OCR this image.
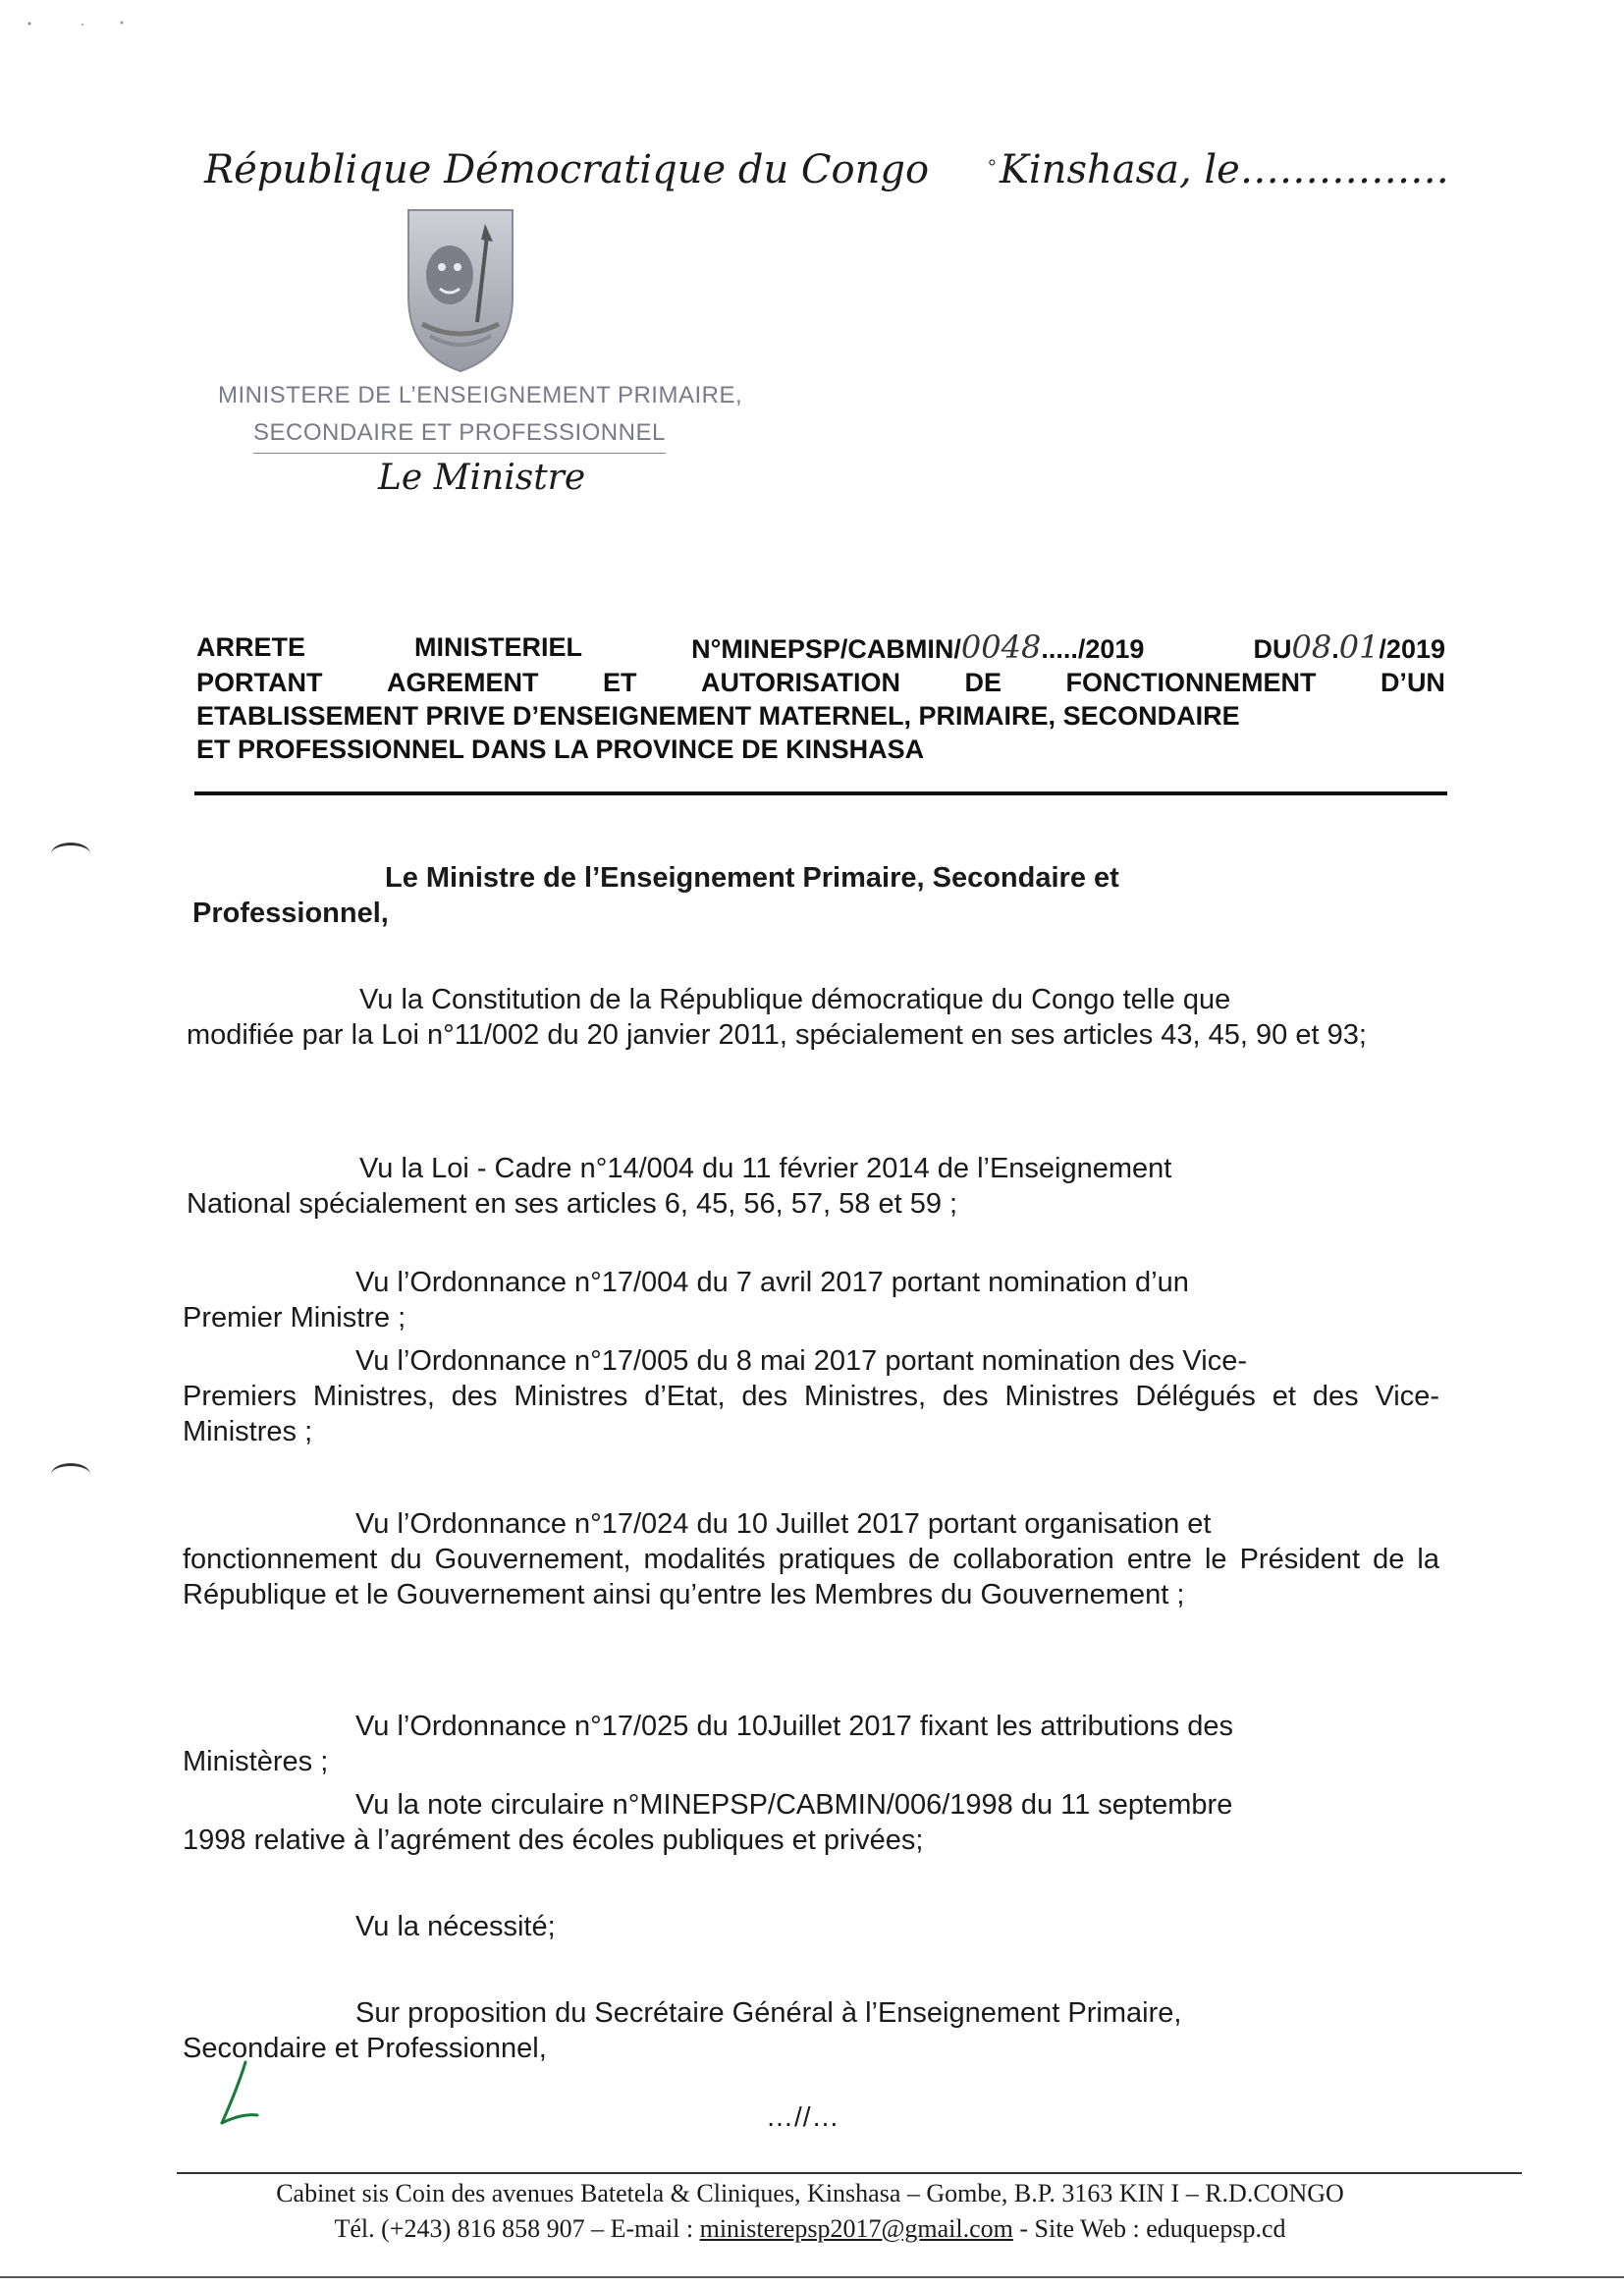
République Démocratique du Congo	° Kinshasa, le…………….
MINISTERE DE L’ENSEIGNEMENT PRIMAIRE,
SECONDAIRE ET PROFESSIONNEL
Le Ministre
ARRETE	MINISTERIEL	N°MINEPSP/CABMIN/0048...../2019	DU08.01/2019
PORTANT AGREMENT ET AUTORISATION DE FONCTIONNEMENT D’UN
ETABLISSEMENT PRIVE D’ENSEIGNEMENT MATERNEL, PRIMAIRE, SECONDAIRE
ET PROFESSIONNEL DANS LA PROVINCE DE KINSHASA
Le Ministre de l’Enseignement Primaire, Secondaire et
Professionnel,
Vu la Constitution de la République démocratique du Congo telle que
modifiée par la Loi n°11/002 du 20 janvier 2011, spécialement en ses articles 43, 45, 90 et 93;
Vu la Loi - Cadre n°14/004 du 11 février 2014 de l’Enseignement
National spécialement en ses articles 6, 45, 56, 57, 58 et 59 ;
Vu l’Ordonnance n°17/004 du 7 avril 2017 portant nomination d’un
Premier Ministre ;
Vu l’Ordonnance n°17/005 du 8 mai 2017 portant nomination des Vice-
Premiers Ministres, des Ministres d’Etat, des Ministres, des Ministres Délégués et des Vice-Ministres ;
Vu l’Ordonnance n°17/024 du 10 Juillet 2017 portant organisation et
fonctionnement du Gouvernement, modalités pratiques de collaboration entre le Président de la République et le Gouvernement ainsi qu’entre les Membres du Gouvernement ;
Vu l’Ordonnance n°17/025 du 10Juillet 2017 fixant les attributions des
Ministères ;
Vu la note circulaire n°MINEPSP/CABMIN/006/1998 du 11 septembre
1998 relative à l’agrément des écoles publiques et privées;
Vu la nécessité;
Sur proposition du Secrétaire Général à l’Enseignement Primaire,
Secondaire et Professionnel,
…//…
Cabinet sis Coin des avenues Batetela & Cliniques, Kinshasa – Gombe, B.P. 3163 KIN I – R.D.CONGO
Tél. (+243) 816 858 907 – E-mail : ministerepsp2017@gmail.com - Site Web : eduquepsp.cd
